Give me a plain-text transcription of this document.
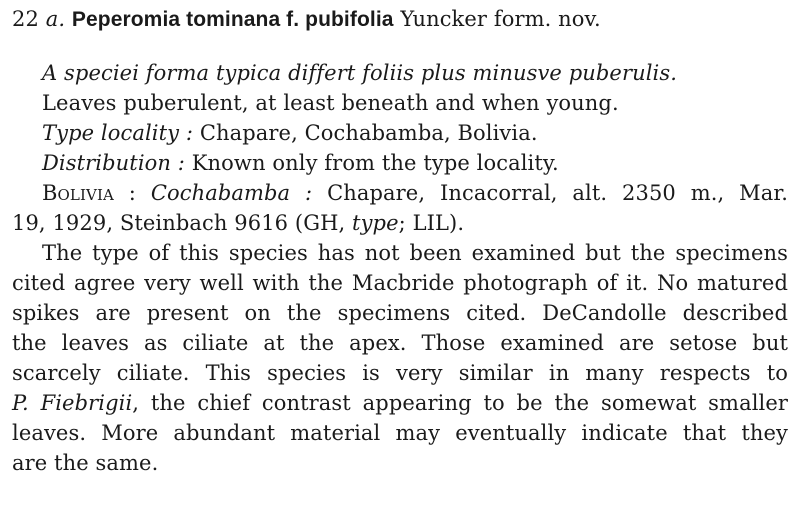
22 a. Peperomia tominana f. pubifolia Yuncker form. nov.
A speciei forma typica differt foliis plus minusve puberulis.
Leaves puberulent, at least beneath and when young.
Type locality : Chapare, Cochabamba, Bolivia.
Distribution : Known only from the type locality.
Bolivia : Cochabamba : Chapare, Incacorral, alt. 2350 m., Mar.
19, 1929, Steinbach 9616 (GH, type; LIL).
The type of this species has not been examined but the specimens
cited agree very well with the Macbride photograph of it. No matured
spikes are present on the specimens cited. DeCandolle described
the leaves as ciliate at the apex. Those examined are setose but
scarcely ciliate. This species is very similar in many respects to
P. Fiebrigii, the chief contrast appearing to be the somewat smaller
leaves. More abundant material may eventually indicate that they
are the same.
